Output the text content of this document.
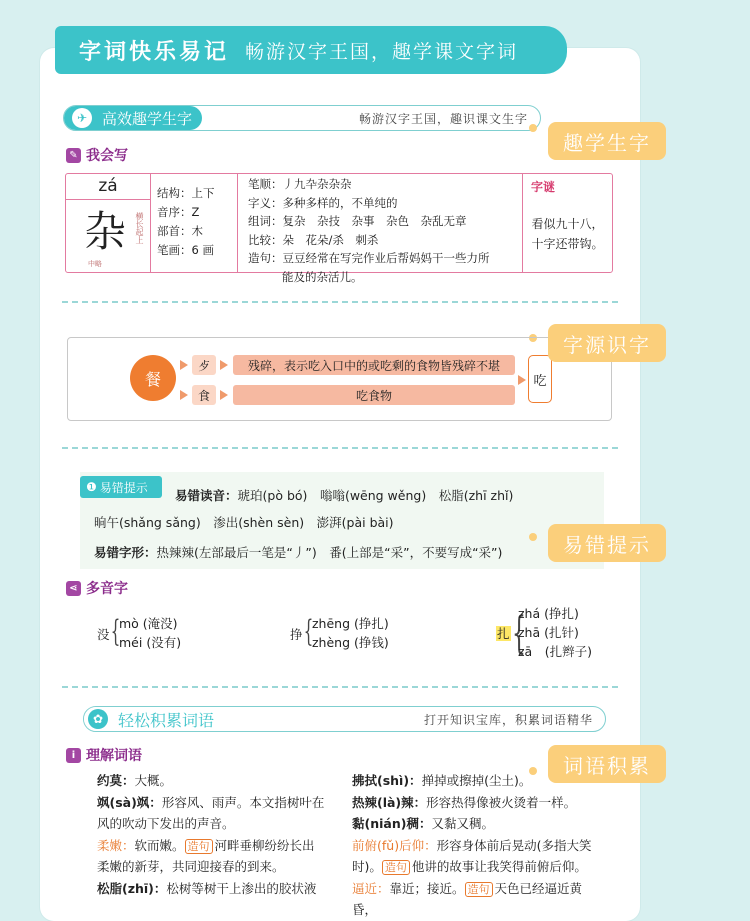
字词快乐易记 畅游汉字王国，趣学课文字词
✈ 高效趣学生字	畅游汉字王国，趣识课文生字
趣学生字
✎ 我会写
zá
杂 横长起上
中略
结构：上下
音序：Z
部首：木
笔画：6 画
笔顺：丿九卆杂杂杂
字义：多种多样的，不单纯的
组词：复杂　杂技　杂事　杂色　杂乱无章
比较：朵　花朵/杀　刺杀
造句：豆豆经常在写完作业后帮妈妈干一些力所
能及的杂活儿。
字谜
看似九十八，
十字还带钩。
字源识字
餐
歺
食
残碎，表示吃入口中的或吃剩的食物皆残碎不堪
吃食物
吃
❶ 易错提示
易错提示
易错读音：琥珀(pò bó)　 嗡嗡(wēng wěng)　 松脂(zhī zhǐ)
晌午(shǎng sǎng)　 渗出(shèn sèn)　 澎湃(pài bài)
易错字形：热辣辣(左部最后一笔是“丿”)　 番(上部是“采”，不要写成“采”)
⋖ 多音字
没 {
mò (淹没)
méi (没有)
挣 {
zhēng (挣扎)
zhèng (挣钱)
扎 {
zhá (挣扎)
zhā (扎针)
zā　(扎辫子)
✿ 轻松积累词语	打开知识宝库，积累词语精华
i 理解词语	词语积累
约莫：大概。
飒(sà)飒：形容风、雨声。本文指树叶在
风的吹动下发出的声音。
柔嫩：软而嫩。 造句 河畔垂柳纷纷长出
柔嫩的新芽，共同迎接春的到来。
松脂(zhī)：松树等树干上渗出的胶状液
拂拭(shì)：掸掉或擦掉(尘土)。
热辣(là)辣：形容热得像被火烫着一样。
黏(nián)稠：又黏又稠。
前俯(fǔ)后仰：形容身体前后晃动(多指大笑
时)。 造句 他讲的故事让我笑得前俯后仰。
逼近：靠近；接近。 造句 天色已经逼近黄昏，
